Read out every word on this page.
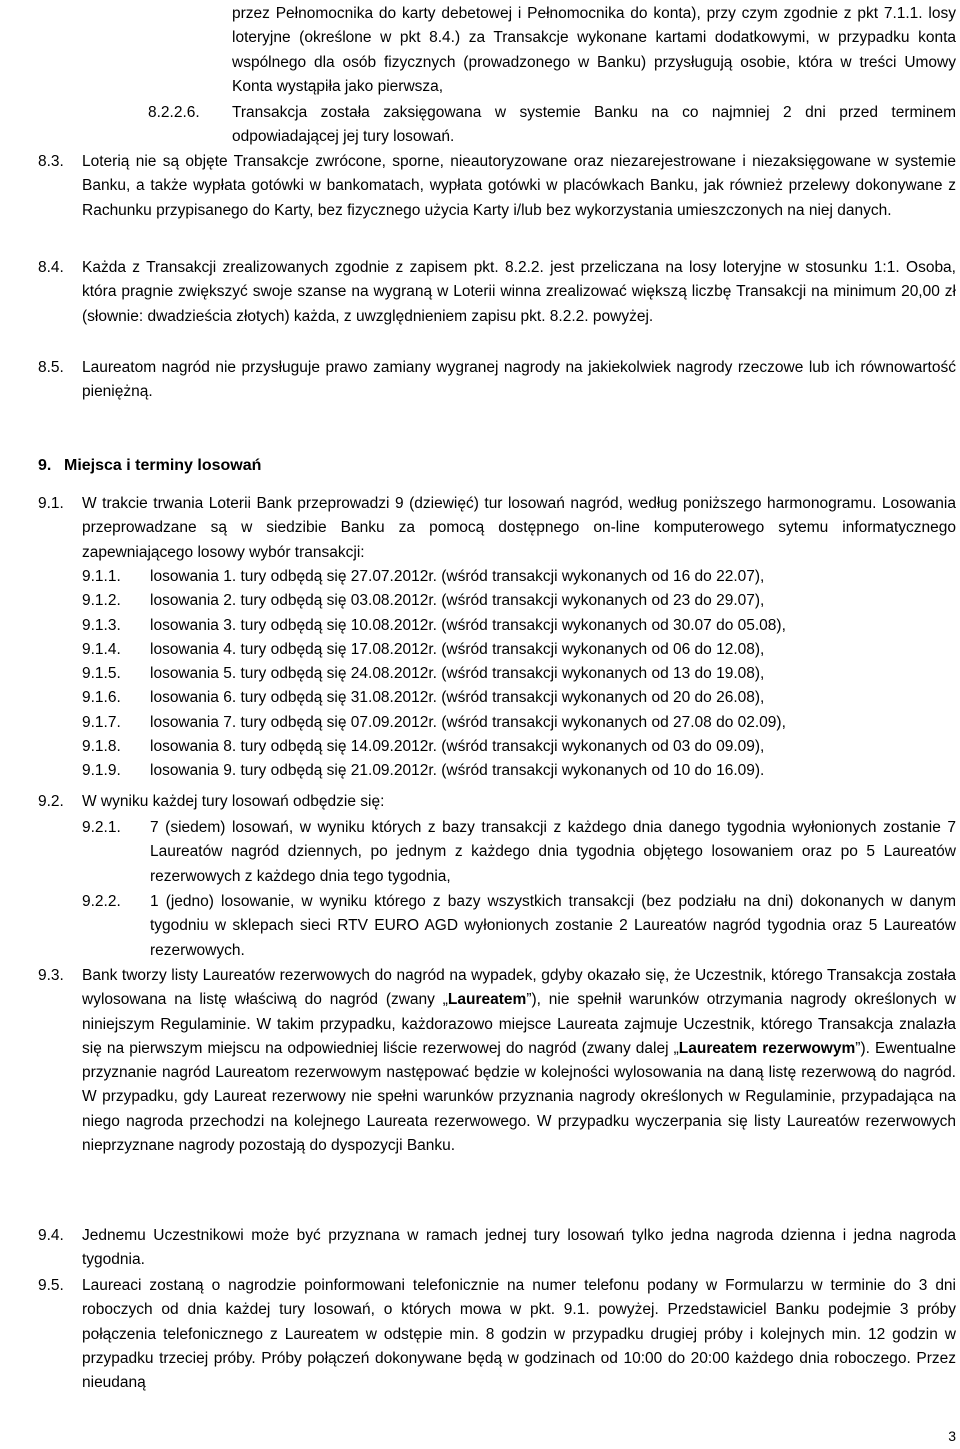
przez Pełnomocnika do karty debetowej i Pełnomocnika do konta), przy czym zgodnie z pkt 7.1.1. losy loteryjne (określone w pkt 8.4.) za Transakcje wykonane kartami dodatkowymi, w przypadku konta wspólnego dla osób fizycznych (prowadzonego w Banku) przysługują osobie, która w treści Umowy Konta wystąpiła jako pierwsza,
8.2.2.6. Transakcja została zaksięgowana w systemie Banku na co najmniej 2 dni przed terminem odpowiadającej jej tury losowań.
8.3. Loterią nie są objęte Transakcje zwrócone, sporne, nieautoryzowane oraz niezarejestrowane i niezaksięgowane w systemie Banku, a także wypłata gotówki w bankomatach, wypłata gotówki w placówkach Banku, jak również przelewy dokonywane z Rachunku przypisanego do Karty, bez fizycznego użycia Karty i/lub bez wykorzystania umieszczonych na niej danych.
8.4. Każda z Transakcji zrealizowanych zgodnie z zapisem pkt. 8.2.2. jest przeliczana na losy loteryjne w stosunku 1:1. Osoba, która pragnie zwiększyć swoje szanse na wygraną w Loterii winna zrealizować większą liczbę Transakcji na minimum 20,00 zł (słownie: dwadzieścia złotych) każda, z uwzględnieniem zapisu pkt. 8.2.2. powyżej.
8.5. Laureatom nagród nie przysługuje prawo zamiany wygranej nagrody na jakiekolwiek nagrody rzeczowe lub ich równowartość pieniężną.
9. Miejsca i terminy losowań
9.1. W trakcie trwania Loterii Bank przeprowadzi 9 (dziewięć) tur losowań nagród, według poniższego harmonogramu. Losowania przeprowadzane są w siedzibie Banku za pomocą dostępnego on-line komputerowego sytemu informatycznego zapewniającego losowy wybór transakcji:
9.1.1.	losowania 1. tury odbędą się 27.07.2012r. (wśród transakcji wykonanych od 16 do 22.07),
9.1.2.	losowania 2. tury odbędą się 03.08.2012r. (wśród transakcji wykonanych od 23 do 29.07),
9.1.3.	losowania 3. tury odbędą się 10.08.2012r. (wśród transakcji wykonanych od 30.07 do 05.08),
9.1.4.	losowania 4. tury odbędą się 17.08.2012r. (wśród transakcji wykonanych od 06 do 12.08),
9.1.5.	losowania 5. tury odbędą się 24.08.2012r. (wśród transakcji wykonanych od 13 do 19.08),
9.1.6.	losowania 6. tury odbędą się 31.08.2012r. (wśród transakcji wykonanych od 20 do 26.08),
9.1.7.	losowania 7. tury odbędą się 07.09.2012r. (wśród transakcji wykonanych od 27.08 do 02.09),
9.1.8.	losowania 8. tury odbędą się 14.09.2012r. (wśród transakcji wykonanych od 03 do 09.09),
9.1.9.	losowania 9. tury odbędą się 21.09.2012r. (wśród transakcji wykonanych od 10 do 16.09).
9.2. W wyniku każdej tury losowań odbędzie się:
9.2.1. 7 (siedem) losowań, w wyniku których z bazy transakcji z każdego dnia danego tygodnia wyłonionych zostanie 7 Laureatów nagród dziennych, po jednym z każdego dnia tygodnia objętego losowaniem oraz po 5 Laureatów rezerwowych z każdego dnia tego tygodnia,
9.2.2. 1 (jedno) losowanie, w wyniku którego z bazy wszystkich transakcji (bez podziału na dni) dokonanych w danym tygodniu w sklepach sieci RTV EURO AGD wyłonionych zostanie 2 Laureatów nagród tygodnia oraz 5 Laureatów rezerwowych.
9.3. Bank tworzy listy Laureatów rezerwowych do nagród na wypadek, gdyby okazało się, że Uczestnik, którego Transakcja została wylosowana na listę właściwą do nagród (zwany „Laureatem”), nie spełnił warunków otrzymania nagrody określonych w niniejszym Regulaminie. W takim przypadku, każdorazowo miejsce Laureata zajmuje Uczestnik, którego Transakcja znalazła się na pierwszym miejscu na odpowiedniej liście rezerwowej do nagród (zwany dalej „Laureatem rezerwowym”). Ewentualne przyznanie nagród Laureatom rezerwowym następować będzie w kolejności wylosowania na daną listę rezerwową do nagród. W przypadku, gdy Laureat rezerwowy nie spełni warunków przyznania nagrody określonych w Regulaminie, przypadająca na niego nagroda przechodzi na kolejnego Laureata rezerwowego. W przypadku wyczerpania się listy Laureatów rezerwowych nieprzyznane nagrody pozostają do dyspozycji Banku.
9.4. Jednemu Uczestnikowi może być przyznana w ramach jednej tury losowań tylko jedna nagroda dzienna i jedna nagroda tygodnia.
9.5. Laureaci zostaną o nagrodzie poinformowani telefonicznie na numer telefonu podany w Formularzu w terminie do 3 dni roboczych od dnia każdej tury losowań, o których mowa w pkt. 9.1. powyżej. Przedstawiciel Banku podejmie 3 próby połączenia telefonicznego z Laureatem w odstępie min. 8 godzin w przypadku drugiej próby i kolejnych min. 12 godzin w przypadku trzeciej próby. Próby połączeń dokonywane będą w godzinach od 10:00 do 20:00 każdego dnia roboczego. Przez nieudaną
3
